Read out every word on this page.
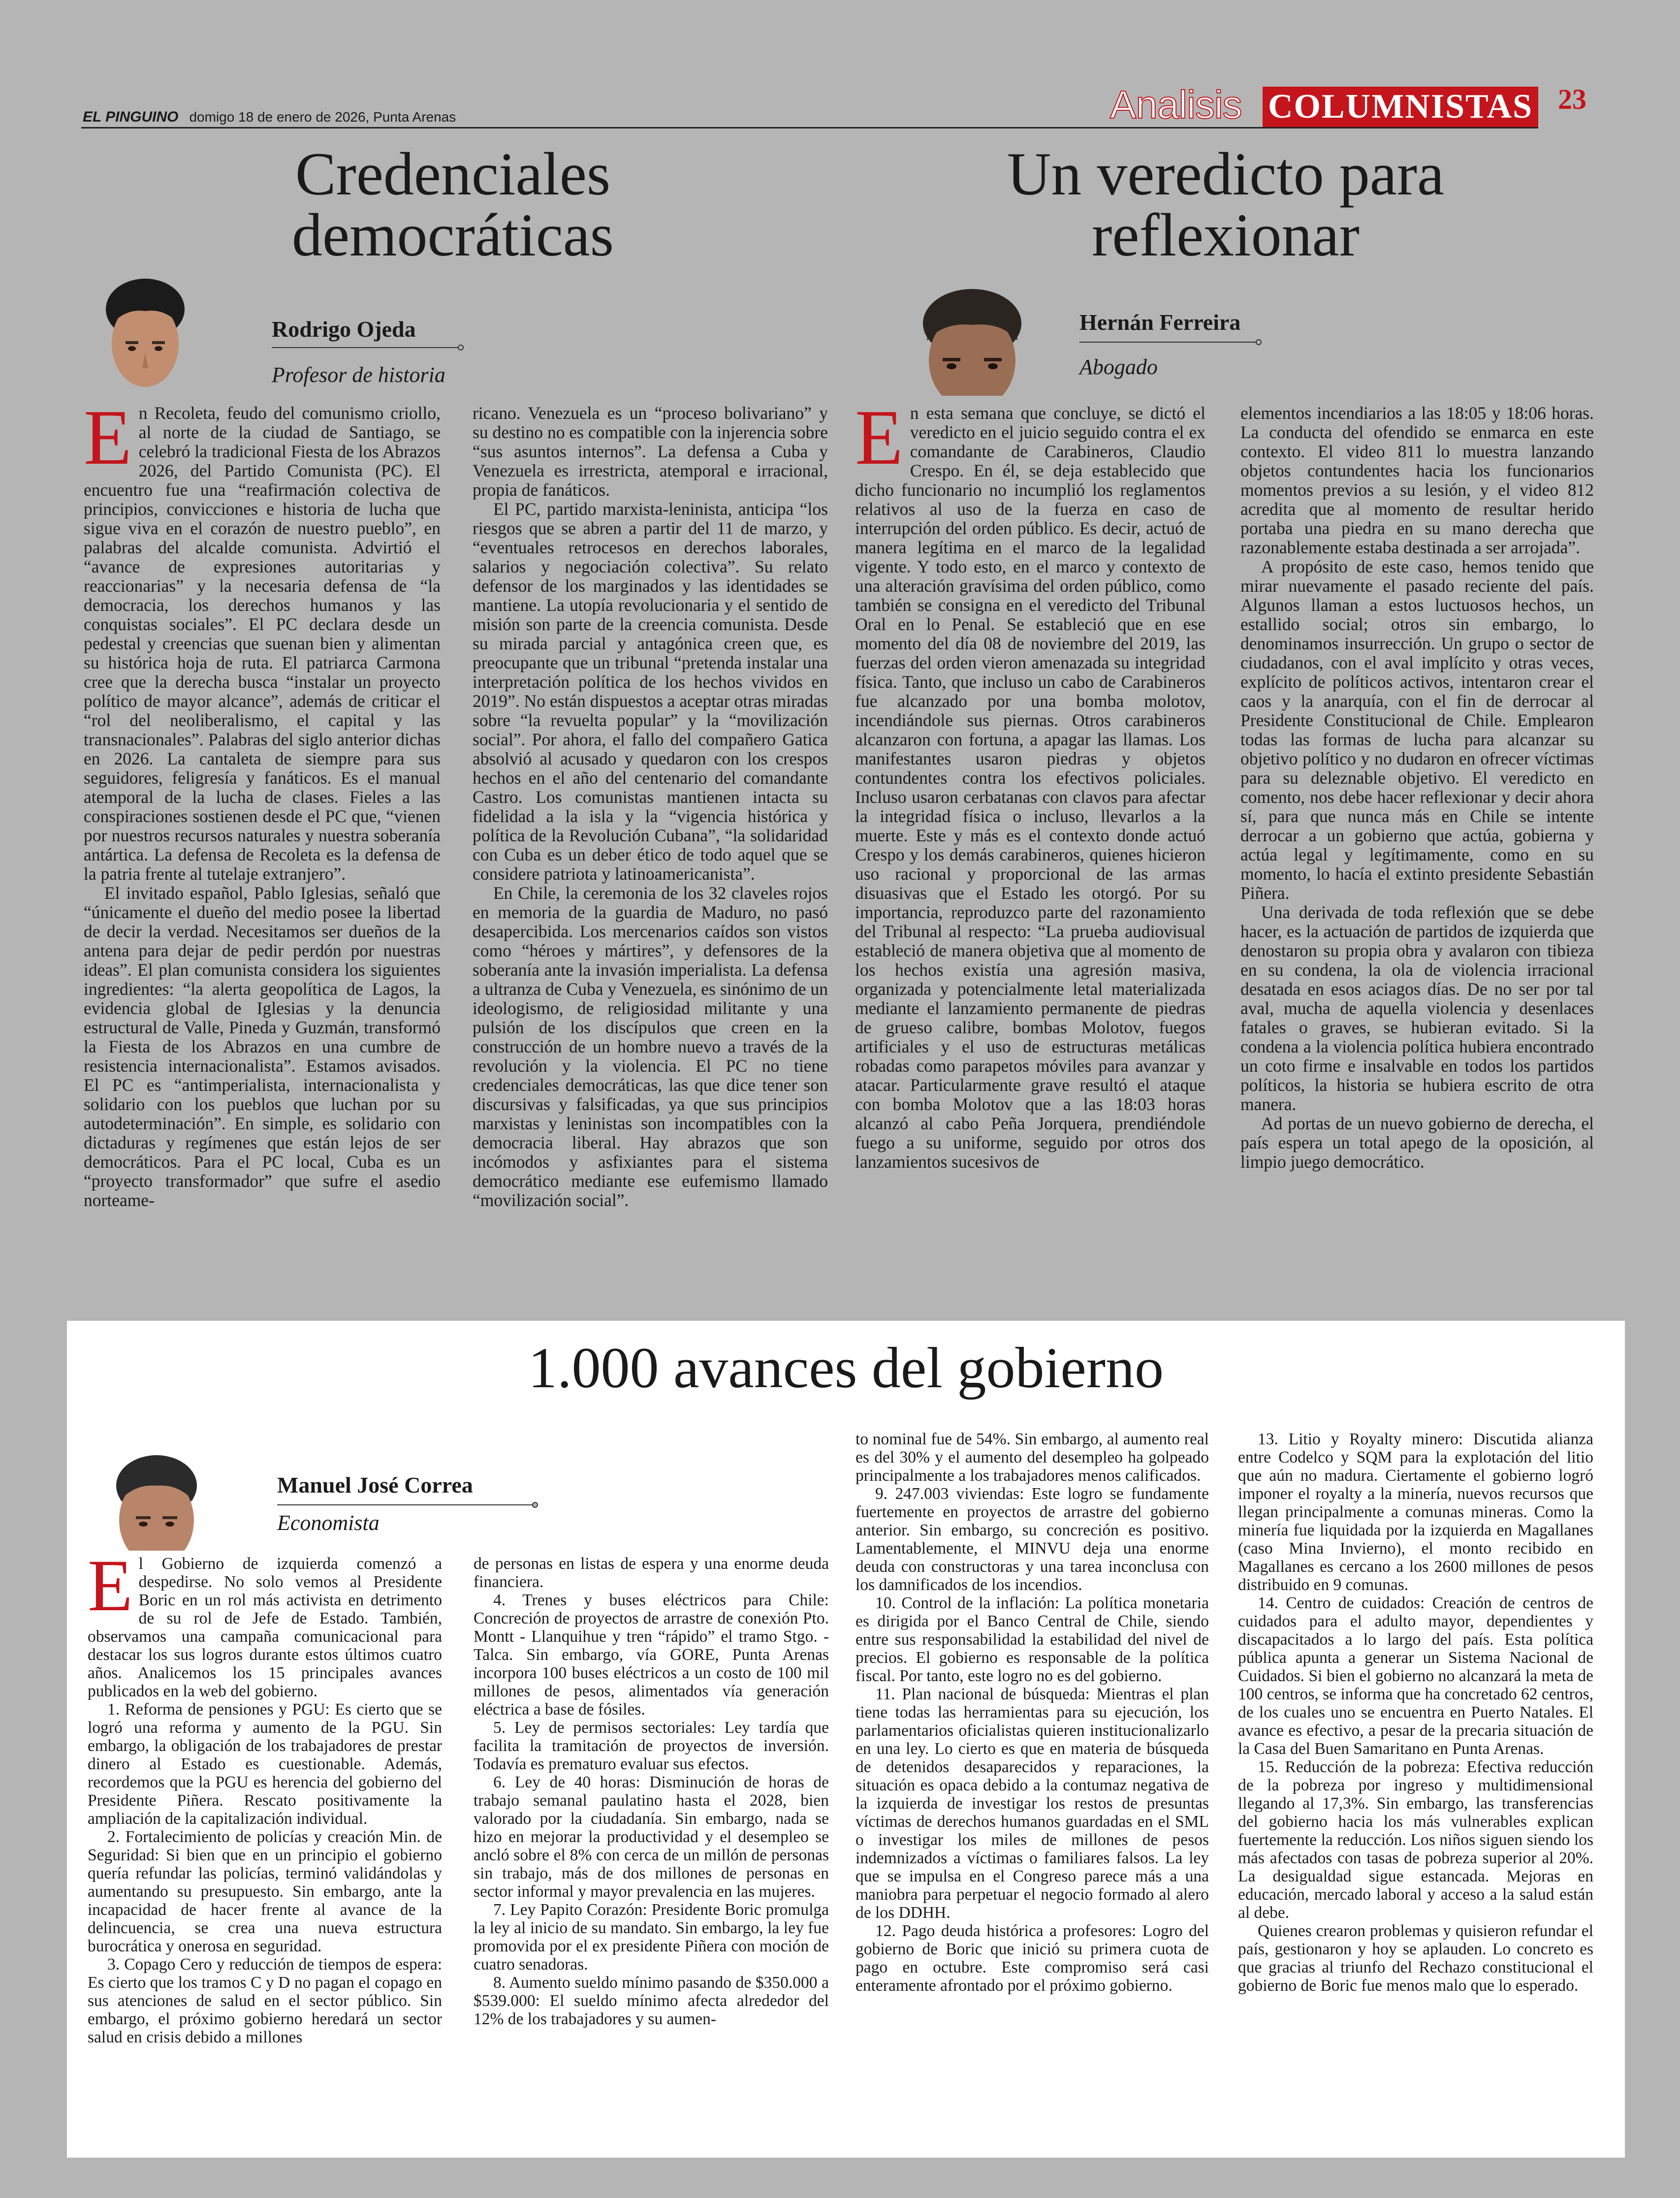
EL PINGUINO domigo 18 de enero de 2026, Punta Arenas	Analisis COLUMNISTAS 23
Credenciales
democráticas
Rodrigo Ojeda
Profesor de historia

En Recoleta, feudo del comunismo criollo, al norte de la ciudad de Santiago, se celebró la tradicional Fiesta de los Abrazos 2026, del Partido Comunista (PC). El encuentro fue una “reafirmación colectiva de principios, convicciones e historia de lucha que sigue viva en el corazón de nuestro pueblo”, en palabras del alcalde comunista. Advirtió el “avance de expresiones autoritarias y reaccionarias” y la necesaria defensa de “la democracia, los derechos humanos y las conquistas sociales”. El PC declara desde un pedestal y creencias que suenan bien y alimentan su histórica hoja de ruta. El patriarca Carmona cree que la derecha busca “instalar un proyecto político de mayor alcance”, además de criticar el “rol del neoliberalismo, el capital y las transnacionales”. Palabras del siglo anterior dichas en 2026. La cantaleta de siempre para sus seguidores, feligresía y fanáticos. Es el manual atemporal de la lucha de clases. Fieles a las conspiraciones sostienen desde el PC que, “vienen por nuestros recursos naturales y nuestra soberanía antártica. La defensa de Recoleta es la defensa de la patria frente al tutelaje extranjero”.

El invitado español, Pablo Iglesias, señaló que “únicamente el dueño del medio posee la libertad de decir la verdad. Necesitamos ser dueños de la antena para dejar de pedir perdón por nuestras ideas”. El plan comunista considera los siguientes ingredientes: “la alerta geopolítica de Lagos, la evidencia global de Iglesias y la denuncia estructural de Valle, Pineda y Guzmán, transformó la Fiesta de los Abrazos en una cumbre de resistencia internacionalista”. Estamos avisados. El PC es “antimperialista, internacionalista y solidario con los pueblos que luchan por su autodeterminación”. En simple, es solidario con dictaduras y regímenes que están lejos de ser democráticos. Para el PC local, Cuba es un “proyecto transformador” que sufre el asedio norteame-

ricano. Venezuela es un “proceso bolivariano” y su destino no es compatible con la injerencia sobre “sus asuntos internos”. La defensa a Cuba y Venezuela es irrestricta, atemporal e irracional, propia de fanáticos.

El PC, partido marxista-leninista, anticipa “los riesgos que se abren a partir del 11 de marzo, y “eventuales retrocesos en derechos laborales, salarios y negociación colectiva”. Su relato defensor de los marginados y las identidades se mantiene. La utopía revolucionaria y el sentido de misión son parte de la creencia comunista. Desde su mirada parcial y antagónica creen que, es preocupante que un tribunal “pretenda instalar una interpretación política de los hechos vividos en 2019”. No están dispuestos a aceptar otras miradas sobre “la revuelta popular” y la “movilización social”. Por ahora, el fallo del compañero Gatica absolvió al acusado y quedaron con los crespos hechos en el año del centenario del comandante Castro. Los comunistas mantienen intacta su fidelidad a la isla y la “vigencia histórica y política de la Revolución Cubana”, “la solidaridad con Cuba es un deber ético de todo aquel que se considere patriota y latinoamericanista”.

En Chile, la ceremonia de los 32 claveles rojos en memoria de la guardia de Maduro, no pasó desapercibida. Los mercenarios caídos son vistos como “héroes y mártires”, y defensores de la soberanía ante la invasión imperialista. La defensa a ultranza de Cuba y Venezuela, es sinónimo de un ideologismo, de religiosidad militante y una pulsión de los discípulos que creen en la construcción de un hombre nuevo a través de la revolución y la violencia. El PC no tiene credenciales democráticas, las que dice tener son discursivas y falsificadas, ya que sus principios marxistas y leninistas son incompatibles con la democracia liberal. Hay abrazos que son incómodos y asfixiantes para el sistema democrático mediante ese eufemismo llamado “movilización social”.

Un veredicto para
reflexionar
Hernán Ferreira
Abogado

En esta semana que concluye, se dictó el veredicto en el juicio seguido contra el ex comandante de Carabineros, Claudio Crespo. En él, se deja establecido que dicho funcionario no incumplió los reglamentos relativos al uso de la fuerza en caso de interrupción del orden público. Es decir, actuó de manera legítima en el marco de la legalidad vigente. Y todo esto, en el marco y contexto de una alteración gravísima del orden público, como también se consigna en el veredicto del Tribunal Oral en lo Penal. Se estableció que en ese momento del día 08 de noviembre del 2019, las fuerzas del orden vieron amenazada su integridad física. Tanto, que incluso un cabo de Carabineros fue alcanzado por una bomba molotov, incendiándole sus piernas. Otros carabineros alcanzaron con fortuna, a apagar las llamas. Los manifestantes usaron piedras y objetos contundentes contra los efectivos policiales. Incluso usaron cerbatanas con clavos para afectar la integridad física o incluso, llevarlos a la muerte. Este y más es el contexto donde actuó Crespo y los demás carabineros, quienes hicieron uso racional y proporcional de las armas disuasivas que el Estado les otorgó. Por su importancia, reproduzco parte del razonamiento del Tribunal al respecto: “La prueba audiovisual estableció de manera objetiva que al momento de los hechos existía una agresión masiva, organizada y potencialmente letal materializada mediante el lanzamiento permanente de piedras de grueso calibre, bombas Molotov, fuegos artificiales y el uso de estructuras metálicas robadas como parapetos móviles para avanzar y atacar. Particularmente grave resultó el ataque con bomba Molotov que a las 18:03 horas alcanzó al cabo Peña Jorquera, prendiéndole fuego a su uniforme, seguido por otros dos lanzamientos sucesivos de

elementos incendiarios a las 18:05 y 18:06 horas. La conducta del ofendido se enmarca en este contexto. El video 811 lo muestra lanzando objetos contundentes hacia los funcionarios momentos previos a su lesión, y el video 812 acredita que al momento de resultar herido portaba una piedra en su mano derecha que razonablemente estaba destinada a ser arrojada”.

A propósito de este caso, hemos tenido que mirar nuevamente el pasado reciente del país. Algunos llaman a estos luctuosos hechos, un estallido social; otros sin embargo, lo denominamos insurrección. Un grupo o sector de ciudadanos, con el aval implícito y otras veces, explícito de políticos activos, intentaron crear el caos y la anarquía, con el fin de derrocar al Presidente Constitucional de Chile. Emplearon todas las formas de lucha para alcanzar su objetivo político y no dudaron en ofrecer víctimas para su deleznable objetivo. El veredicto en comento, nos debe hacer reflexionar y decir ahora sí, para que nunca más en Chile se intente derrocar a un gobierno que actúa, gobierna y actúa legal y legítimamente, como en su momento, lo hacía el extinto presidente Sebastián Piñera.

Una derivada de toda reflexión que se debe hacer, es la actuación de partidos de izquierda que denostaron su propia obra y avalaron con tibieza en su condena, la ola de violencia irracional desatada en esos aciagos días. De no ser por tal aval, mucha de aquella violencia y desenlaces fatales o graves, se hubieran evitado. Si la condena a la violencia política hubiera encontrado un coto firme e insalvable en todos los partidos políticos, la historia se hubiera escrito de otra manera.

Ad portas de un nuevo gobierno de derecha, el país espera un total apego de la oposición, al limpio juego democrático.

1.000 avances del gobierno
Manuel José Correa
Economista

El Gobierno de izquierda comenzó a despedirse. No solo vemos al Presidente Boric en un rol más activista en detrimento de su rol de Jefe de Estado. También, observamos una campaña comunicacional para destacar los sus logros durante estos últimos cuatro años. Analicemos los 15 principales avances publicados en la web del gobierno.

1. Reforma de pensiones y PGU: Es cierto que se logró una reforma y aumento de la PGU. Sin embargo, la obligación de los trabajadores de prestar dinero al Estado es cuestionable. Además, recordemos que la PGU es herencia del gobierno del Presidente Piñera. Rescato positivamente la ampliación de la capitalización individual.

2. Fortalecimiento de policías y creación Min. de Seguridad: Si bien que en un principio el gobierno quería refundar las policías, terminó validándolas y aumentando su presupuesto. Sin embargo, ante la incapacidad de hacer frente al avance de la delincuencia, se crea una nueva estructura burocrática y onerosa en seguridad.

3. Copago Cero y reducción de tiempos de espera: Es cierto que los tramos C y D no pagan el copago en sus atenciones de salud en el sector público. Sin embargo, el próximo gobierno heredará un sector salud en crisis debido a millones

de personas en listas de espera y una enorme deuda financiera.

4. Trenes y buses eléctricos para Chile: Concreción de proyectos de arrastre de conexión Pto. Montt - Llanquihue y tren “rápido” el tramo Stgo. - Talca. Sin embargo, vía GORE, Punta Arenas incorpora 100 buses eléctricos a un costo de 100 mil millones de pesos, alimentados vía generación eléctrica a base de fósiles.

5. Ley de permisos sectoriales: Ley tardía que facilita la tramitación de proyectos de inversión. Todavía es prematuro evaluar sus efectos.

6. Ley de 40 horas: Disminución de horas de trabajo semanal paulatino hasta el 2028, bien valorado por la ciudadanía. Sin embargo, nada se hizo en mejorar la productividad y el desempleo se ancló sobre el 8% con cerca de un millón de personas sin trabajo, más de dos millones de personas en sector informal y mayor prevalencia en las mujeres.

7. Ley Papito Corazón: Presidente Boric promulga la ley al inicio de su mandato. Sin embargo, la ley fue promovida por el ex presidente Piñera con moción de cuatro senadoras.

8. Aumento sueldo mínimo pasando de $350.000 a $539.000: El sueldo mínimo afecta alrededor del 12% de los trabajadores y su aumen-

to nominal fue de 54%. Sin embargo, al aumento real es del 30% y el aumento del desempleo ha golpeado principalmente a los trabajadores menos calificados.

9. 247.003 viviendas: Este logro se fundamente fuertemente en proyectos de arrastre del gobierno anterior. Sin embargo, su concreción es positivo. Lamentablemente, el MINVU deja una enorme deuda con constructoras y una tarea inconclusa con los damnificados de los incendios.

10. Control de la inflación: La política monetaria es dirigida por el Banco Central de Chile, siendo entre sus responsabilidad la estabilidad del nivel de precios. El gobierno es responsable de la política fiscal. Por tanto, este logro no es del gobierno.

11. Plan nacional de búsqueda: Mientras el plan tiene todas las herramientas para su ejecución, los parlamentarios oficialistas quieren institucionalizarlo en una ley. Lo cierto es que en materia de búsqueda de detenidos desaparecidos y reparaciones, la situación es opaca debido a la contumaz negativa de la izquierda de investigar los restos de presuntas víctimas de derechos humanos guardadas en el SML o investigar los miles de millones de pesos indemnizados a víctimas o familiares falsos. La ley que se impulsa en el Congreso parece más a una maniobra para perpetuar el negocio formado al alero de los DDHH.

12. Pago deuda histórica a profesores: Logro del gobierno de Boric que inició su primera cuota de pago en octubre. Este compromiso será casi enteramente afrontado por el próximo gobierno.

13. Litio y Royalty minero: Discutida alianza entre Codelco y SQM para la explotación del litio que aún no madura. Ciertamente el gobierno logró imponer el royalty a la minería, nuevos recursos que llegan principalmente a comunas mineras. Como la minería fue liquidada por la izquierda en Magallanes (caso Mina Invierno), el monto recibido en Magallanes es cercano a los 2600 millones de pesos distribuido en 9 comunas.

14. Centro de cuidados: Creación de centros de cuidados para el adulto mayor, dependientes y discapacitados a lo largo del país. Esta política pública apunta a generar un Sistema Nacional de Cuidados. Si bien el gobierno no alcanzará la meta de 100 centros, se informa que ha concretado 62 centros, de los cuales uno se encuentra en Puerto Natales. El avance es efectivo, a pesar de la precaria situación de la Casa del Buen Samaritano en Punta Arenas.

15. Reducción de la pobreza: Efectiva reducción de la pobreza por ingreso y multidimensional llegando al 17,3%. Sin embargo, las transferencias del gobierno hacia los más vulnerables explican fuertemente la reducción. Los niños siguen siendo los más afectados con tasas de pobreza superior al 20%. La desigualdad sigue estancada. Mejoras en educación, mercado laboral y acceso a la salud están al debe.

Quienes crearon problemas y quisieron refundar el país, gestionaron y hoy se aplauden. Lo concreto es que gracias al triunfo del Rechazo constitucional el gobierno de Boric fue menos malo que lo esperado.
